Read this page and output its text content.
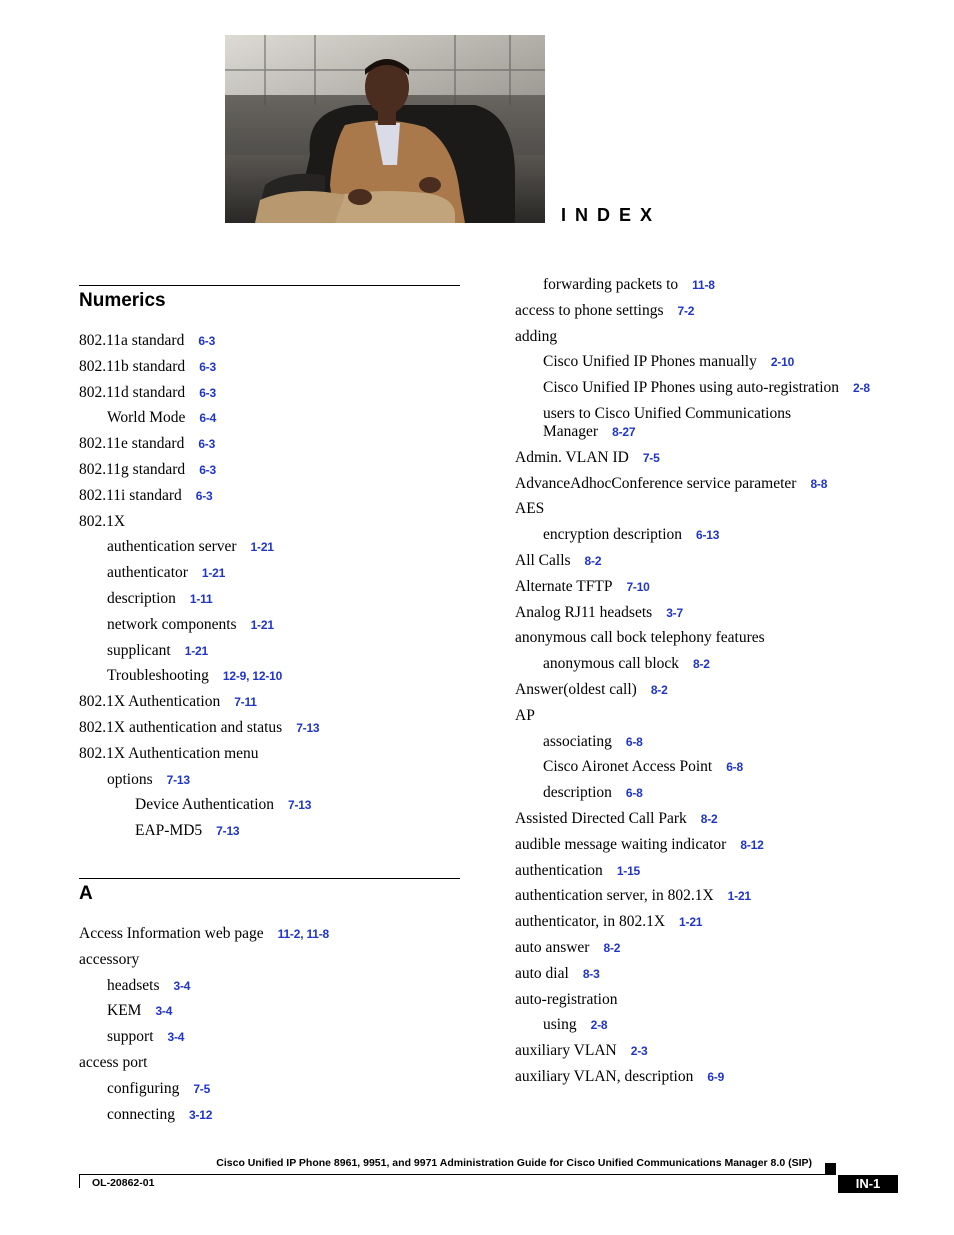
INDEX
Numerics
802.11a standard 6-3
802.11b standard 6-3
802.11d standard 6-3
World Mode 6-4
802.11e standard 6-3
802.11g standard 6-3
802.11i standard 6-3
802.1X
authentication server 1-21
authenticator 1-21
description 1-11
network components 1-21
supplicant 1-21
Troubleshooting 12-9, 12-10
802.1X Authentication 7-11
802.1X authentication and status 7-13
802.1X Authentication menu
options 7-13
Device Authentication 7-13
EAP-MD5 7-13
A
Access Information web page 11-2, 11-8
accessory
headsets 3-4
KEM 3-4
support 3-4
access port
configuring 7-5
connecting 3-12
forwarding packets to 11-8
access to phone settings 7-2
adding
Cisco Unified IP Phones manually 2-10
Cisco Unified IP Phones using auto-registration 2-8
users to Cisco Unified Communications
Manager 8-27
Admin. VLAN ID 7-5
AdvanceAdhocConference service parameter 8-8
AES
encryption description 6-13
All Calls 8-2
Alternate TFTP 7-10
Analog RJ11 headsets 3-7
anonymous call bock telephony features
anonymous call block 8-2
Answer(oldest call) 8-2
AP
associating 6-8
Cisco Aironet Access Point 6-8
description 6-8
Assisted Directed Call Park 8-2
audible message waiting indicator 8-12
authentication 1-15
authentication server, in 802.1X 1-21
authenticator, in 802.1X 1-21
auto answer 8-2
auto dial 8-3
auto-registration
using 2-8
auxiliary VLAN 2-3
auxiliary VLAN, description 6-9
Cisco Unified IP Phone 8961, 9951, and 9971 Administration Guide for Cisco Unified Communications Manager 8.0 (SIP)
OL-20862-01	IN-1
